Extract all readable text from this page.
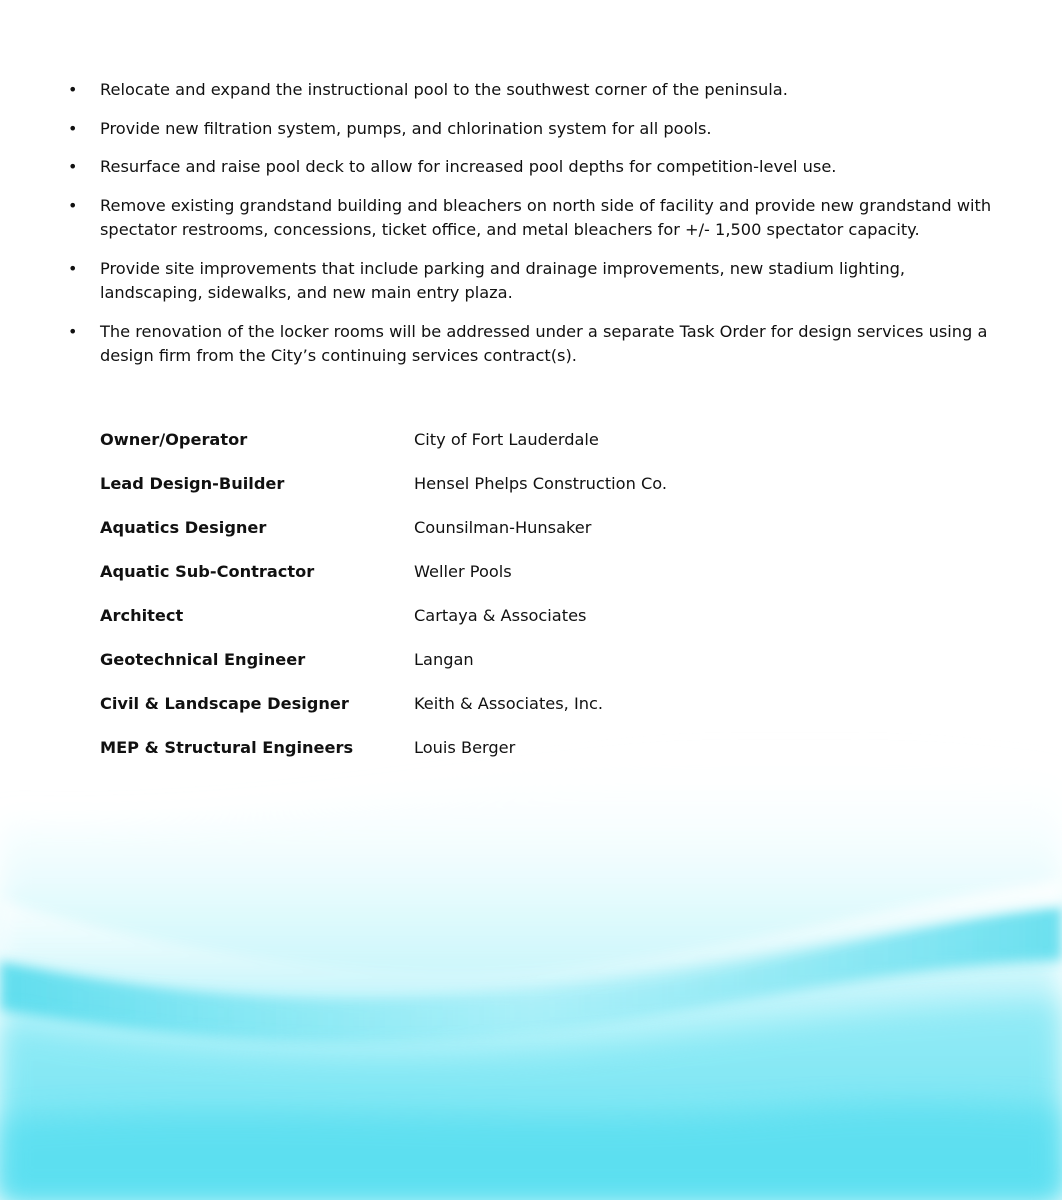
• Relocate and expand the instructional pool to the southwest corner of the peninsula.
• Provide new filtration system, pumps, and chlorination system for all pools.
• Resurface and raise pool deck to allow for increased pool depths for competition-level use.
• Remove existing grandstand building and bleachers on north side of facility and provide new grandstand with spectator restrooms, concessions, ticket office, and metal bleachers for +/- 1,500 spectator capacity.
• Provide site improvements that include parking and drainage improvements, new stadium lighting, landscaping, sidewalks, and new main entry plaza.
• The renovation of the locker rooms will be addressed under a separate Task Order for design services using a design firm from the City’s continuing services contract(s).
Owner/Operator	City of Fort Lauderdale
Lead Design-Builder	Hensel Phelps Construction Co.
Aquatics Designer	Counsilman-Hunsaker
Aquatic Sub-Contractor	Weller Pools
Architect	Cartaya & Associates
Geotechnical Engineer	Langan
Civil & Landscape Designer	Keith & Associates, Inc.
MEP & Structural Engineers	Louis Berger
